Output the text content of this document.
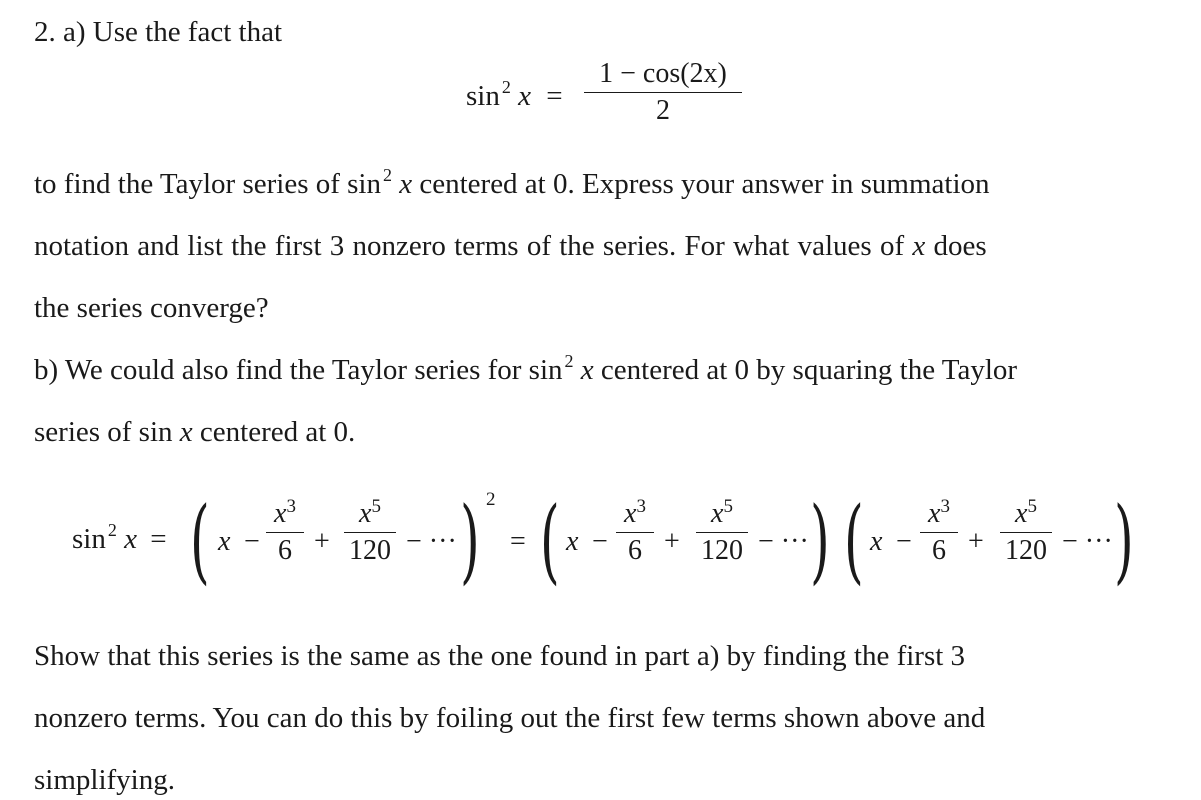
2. a) Use the fact that
sin $^2$ x =
1 − cos(2x)
2
to find the Taylor series of sin $^2$ x centered at 0. Express your answer in summation
notation and list the first 3 nonzero terms of the series. For what values of x does
the series converge?
b) We could also find the Taylor series for sin $^2$ x centered at 0 by squaring the Taylor
series of sin x centered at 0.
sin $^2$ x = ( x −
$x^3$
6 +
$x^5$
120 − ··· ) 2
= ( x −
$x^3$
6 +
$x^5$
120 − ··· ) ( x −
$x^3$
6 +
$x^5$
120 − ··· )
Show that this series is the same as the one found in part a) by finding the first 3
nonzero terms. You can do this by foiling out the first few terms shown above and
simplifying.
